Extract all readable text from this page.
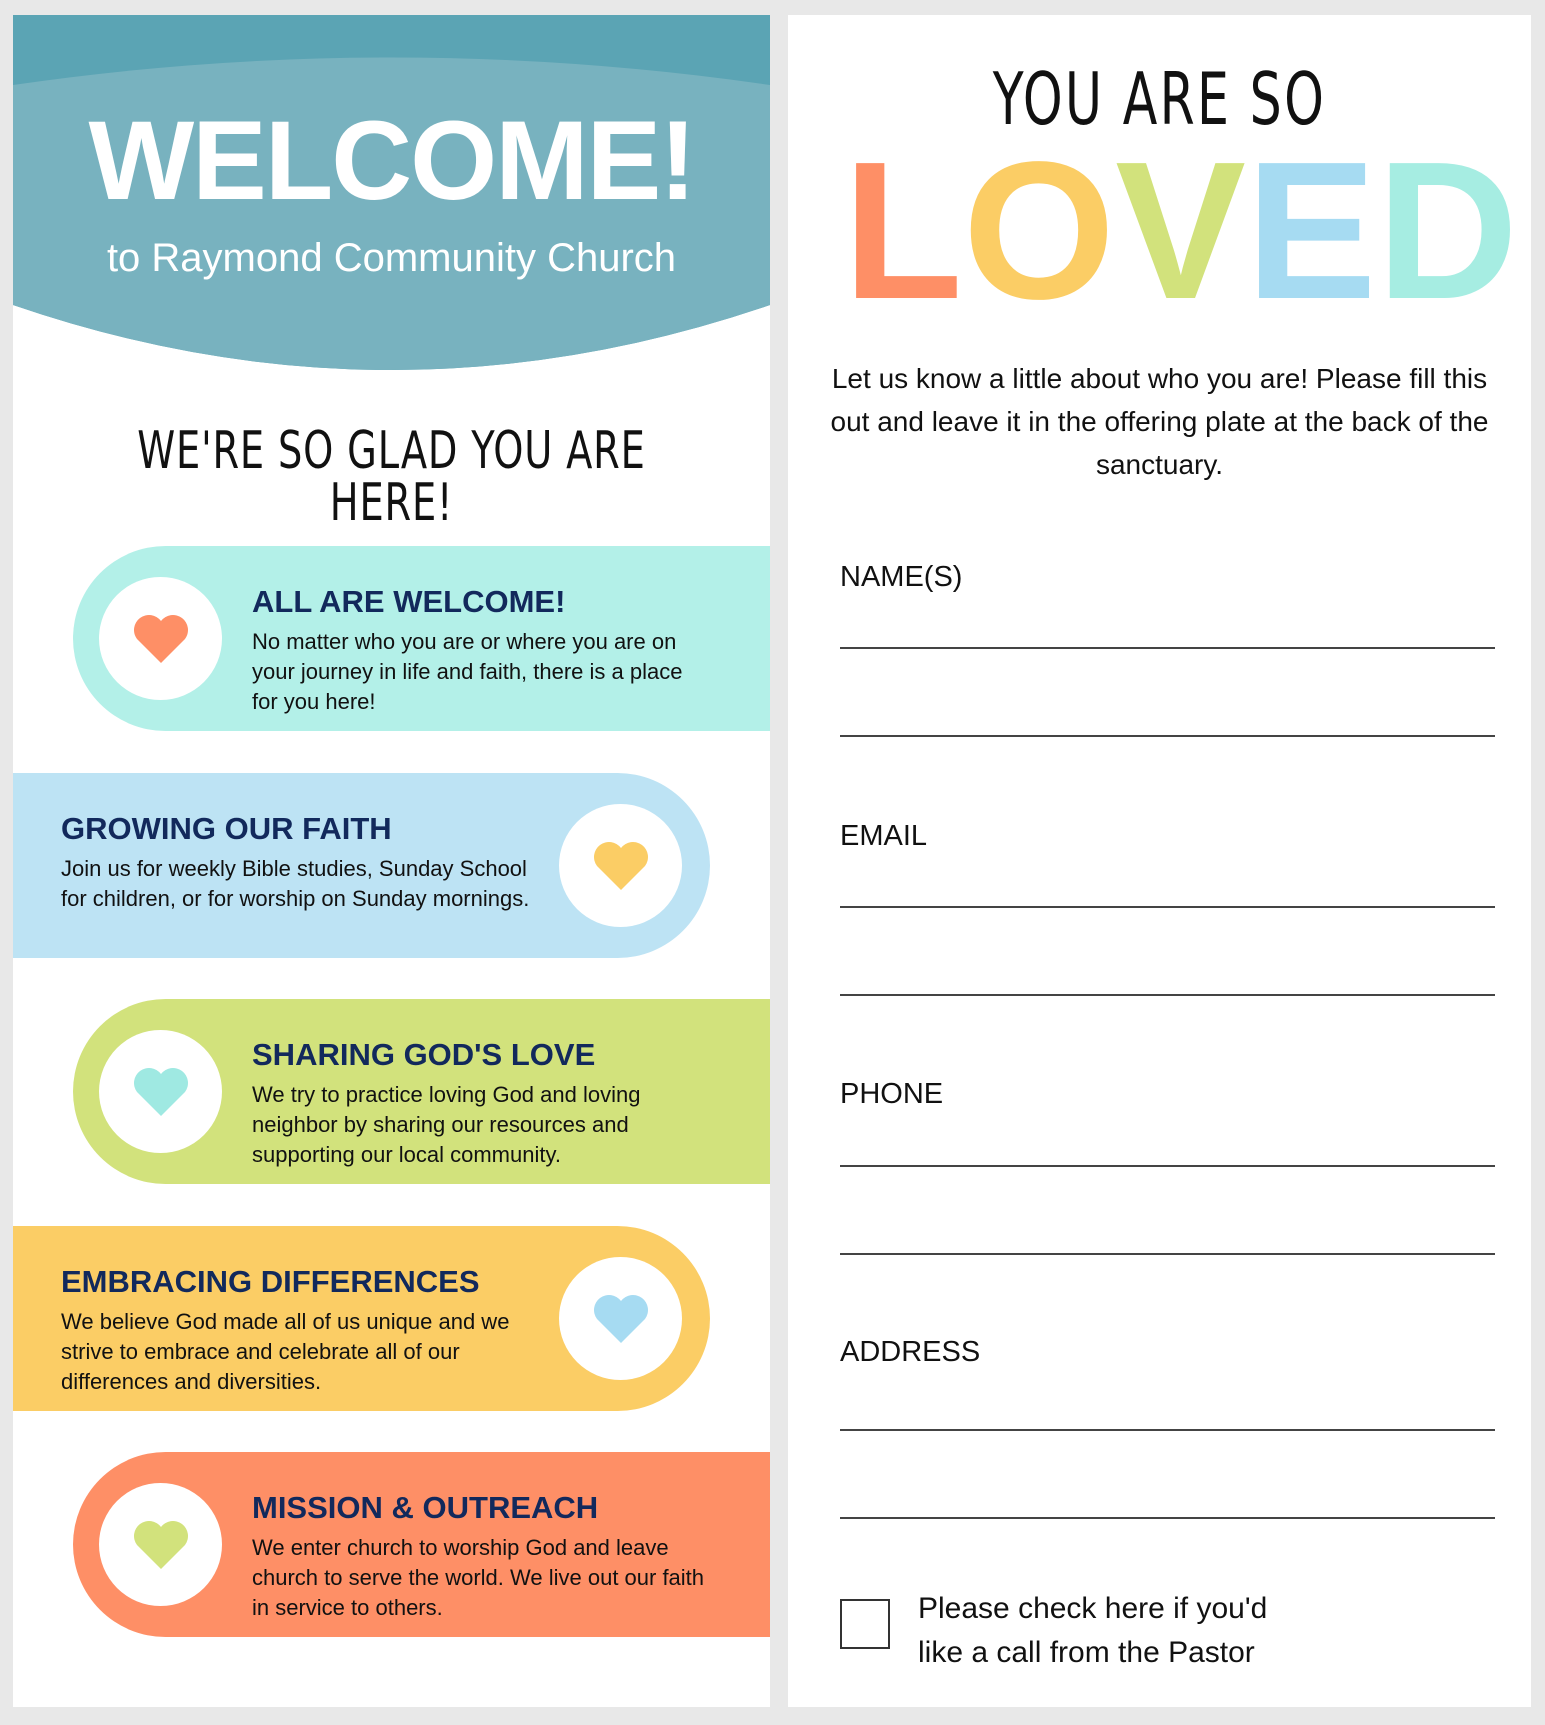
WELCOME!
to Raymond Community Church
WE'RE SO GLAD YOU ARE HERE!
ALL ARE WELCOME!
No matter who you are or where you are on your journey in life and faith, there is a place for you here!
GROWING OUR FAITH
Join us for weekly Bible studies, Sunday School for children, or for worship on Sunday mornings.
SHARING GOD'S LOVE
We try to practice loving God and loving neighbor by sharing our resources and supporting our local community.
EMBRACING DIFFERENCES
We believe God made all of us unique and we strive to embrace and celebrate all of our differences and diversities.
MISSION & OUTREACH
We enter church to worship God and leave church to serve the world. We live out our faith in service to others.
YOU ARE SO
L O V E D
Let us know a little about who you are! Please fill this out and leave it in the offering plate at the back of the sanctuary.
NAME(S)
EMAIL
PHONE
ADDRESS
Please check here if you'd
like a call from the Pastor
